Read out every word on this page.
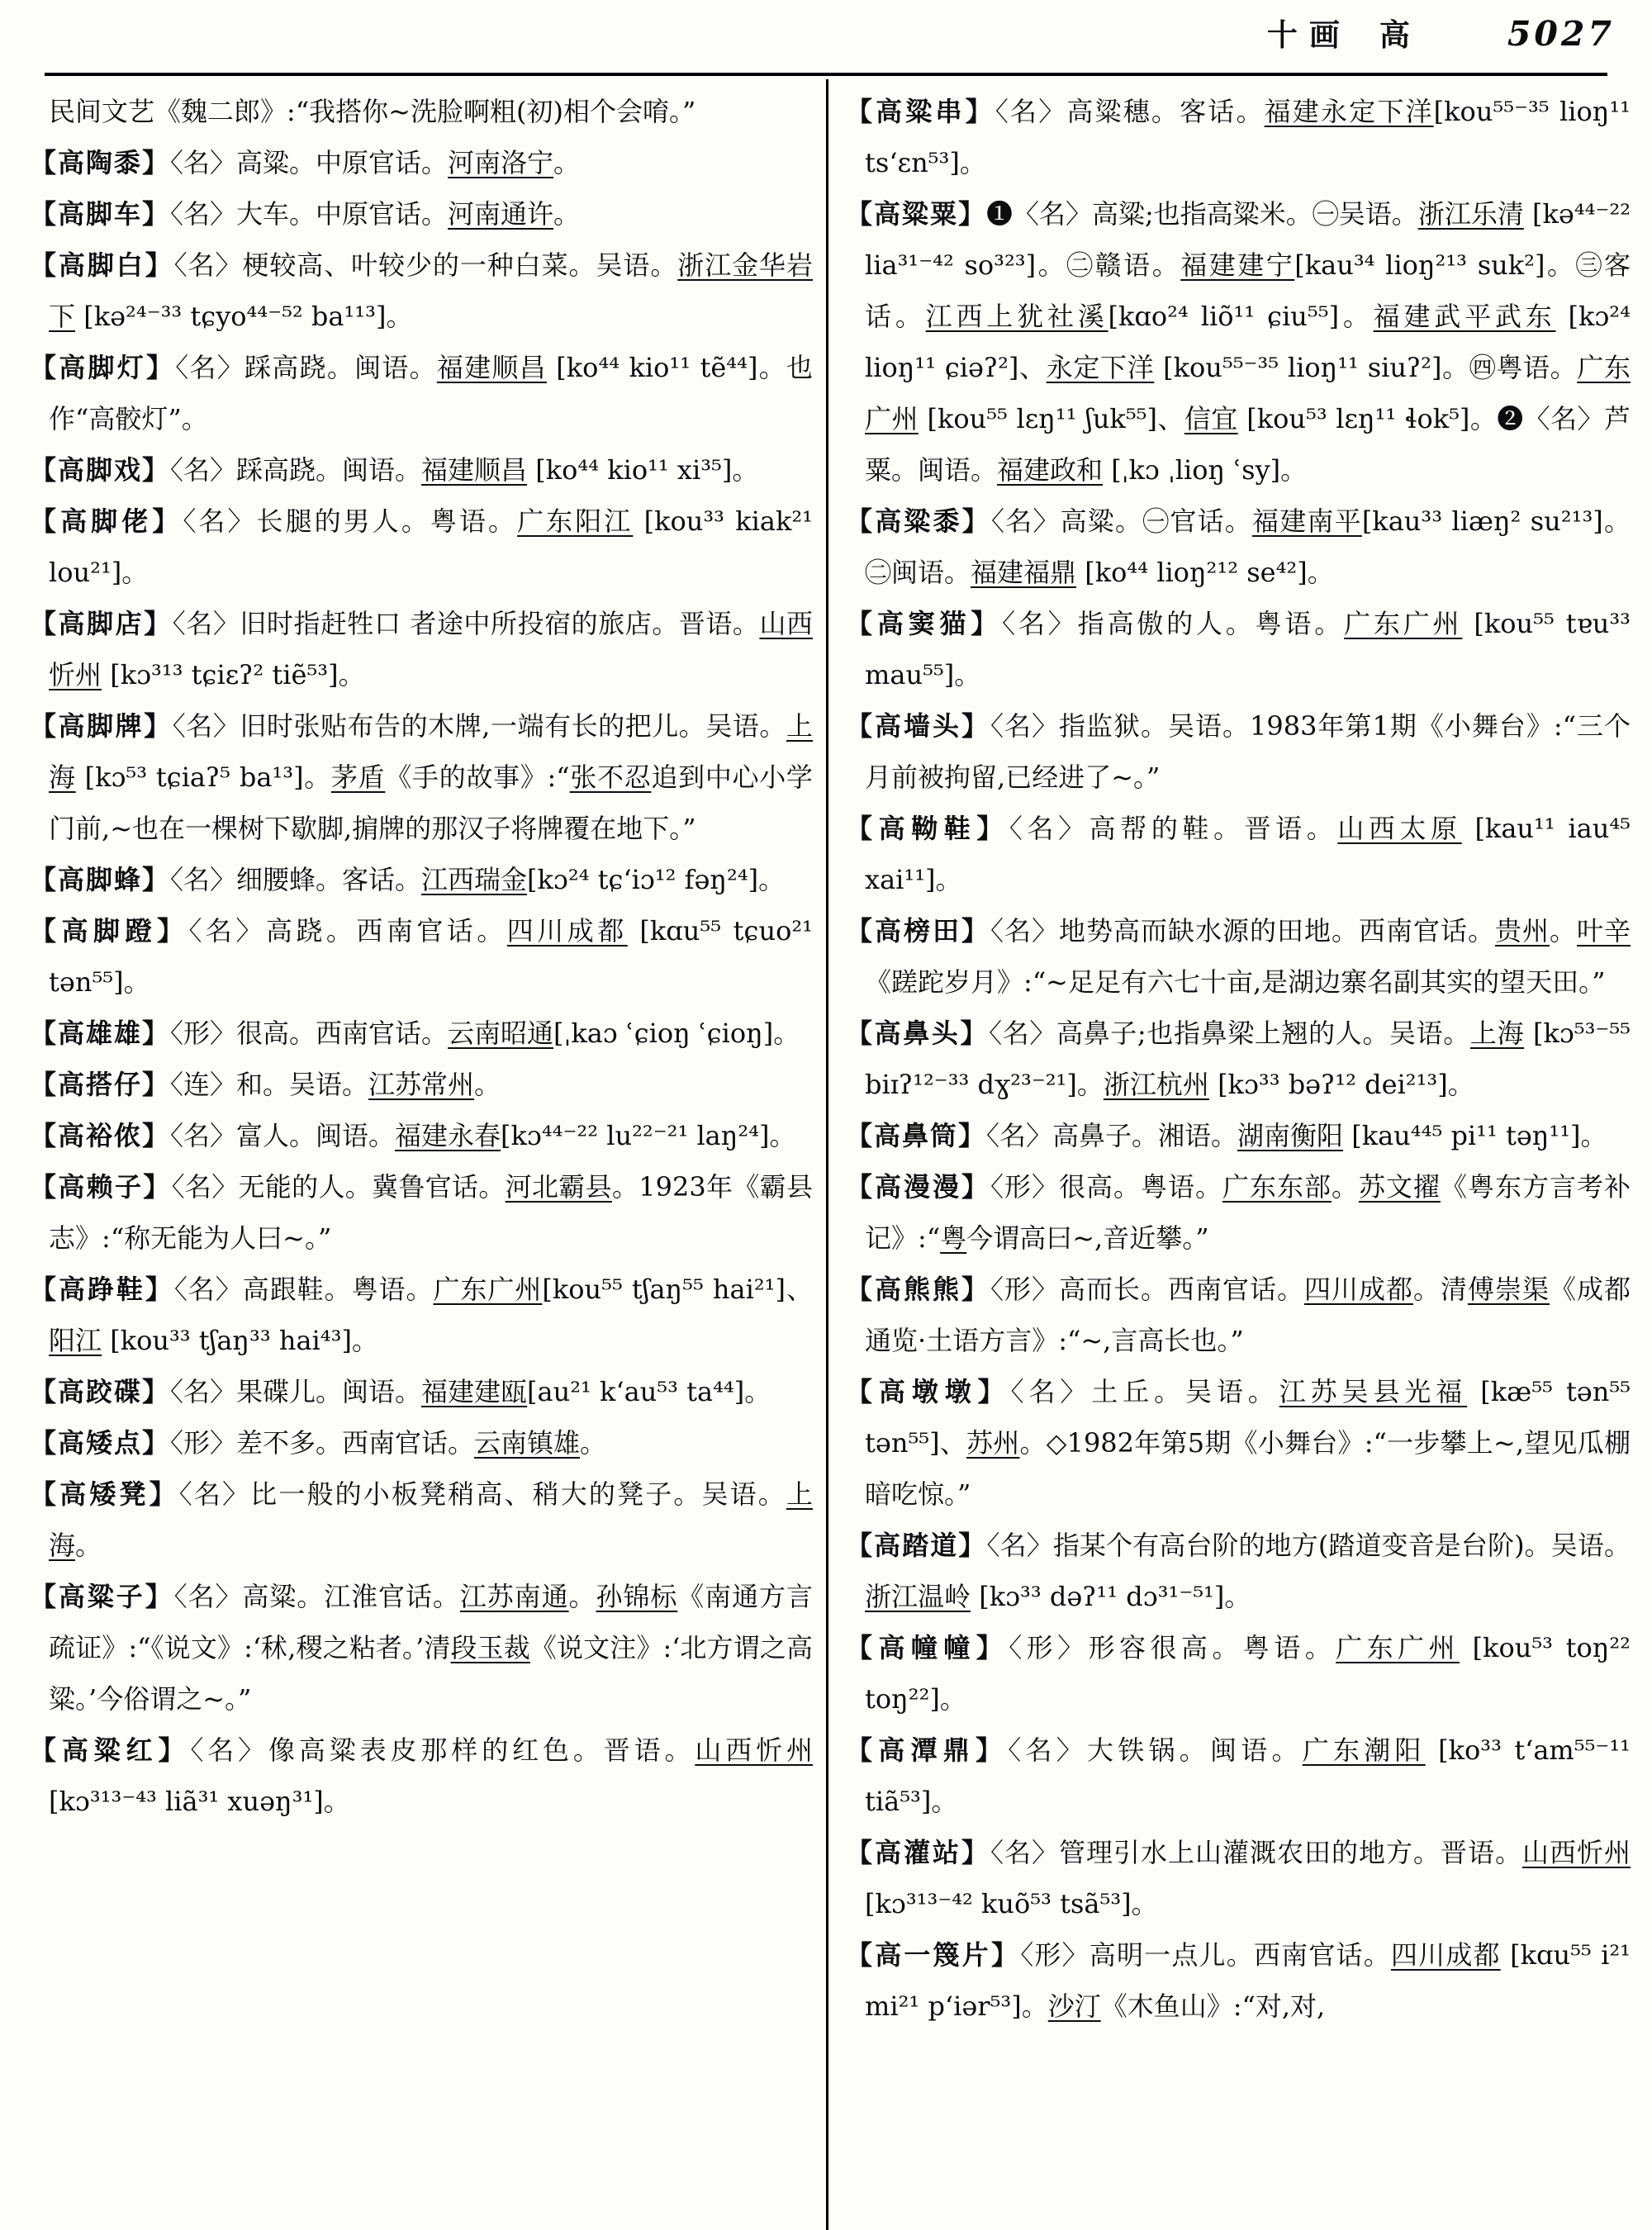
十画 高	5027

民间文艺《魏二郎》:“我搭你~洗脸啊粗(初)相个会唷。”

【高陶黍】〈名〉高粱。中原官话。河南洛宁。

【高脚车】〈名〉大车。中原官话。河南通许。

【高脚白】〈名〉梗较高、叶较少的一种白菜。吴语。浙江金华岩下 [kə²⁴⁻³³ tɕyo⁴⁴⁻⁵² ba¹¹³]。

【高脚灯】〈名〉踩高跷。闽语。福建顺昌 [ko⁴⁴ kio¹¹ tẽ⁴⁴]。也作“高骹灯”。

【高脚戏】〈名〉踩高跷。闽语。福建顺昌 [ko⁴⁴ kio¹¹ xi³⁵]。

【高脚佬】〈名〉长腿的男人。粤语。广东阳江 [kou³³ kiak²¹ lou²¹]。

【高脚店】〈名〉旧时指赶牲口 者途中所投宿的旅店。晋语。山西忻州 [kɔ³¹³ tɕiɛʔ² tiẽ⁵³]。

【高脚牌】〈名〉旧时张贴布告的木牌,一端有长的把儿。吴语。上海 [kɔ⁵³ tɕiaʔ⁵ ba¹³]。茅盾《手的故事》:“张不忍追到中心小学门前,~也在一棵树下歇脚,掮牌的那汉子将牌覆在地下。”

【高脚蜂】〈名〉细腰蜂。客话。江西瑞金[kɔ²⁴ tɕ‘iɔ¹² fəŋ²⁴]。

【高脚蹬】〈名〉高跷。西南官话。四川成都 [kɑu⁵⁵ tɕuo²¹ tən⁵⁵]。

【高雄雄】〈形〉很高。西南官话。云南昭通[ˌkaɔ ʿɕioŋ ʿɕioŋ]。

【高搭仔】〈连〉和。吴语。江苏常州。

【高裕侬】〈名〉富人。闽语。福建永春[kɔ⁴⁴⁻²² lu²²⁻²¹ laŋ²⁴]。

【高赖子】〈名〉无能的人。冀鲁官话。河北霸县。1923年《霸县志》:“称无能为人曰~。”

【高踭鞋】〈名〉高跟鞋。粤语。广东广州[kou⁵⁵ tʃaŋ⁵⁵ hai²¹]、阳江 [kou³³ tʃaŋ³³ hai⁴³]。

【高跤碟】〈名〉果碟儿。闽语。福建建瓯[au²¹ k‘au⁵³ ta⁴⁴]。

【高矮点】〈形〉差不多。西南官话。云南镇雄。

【高矮凳】〈名〉比一般的小板凳稍高、稍大的凳子。吴语。上海。

【高粱子】〈名〉高粱。江淮官话。江苏南通。孙锦标《南通方言疏证》:“《说文》:‘秫,稷之粘者。’清段玉裁《说文注》:‘北方谓之高粱。’今俗谓之~。”

【高粱红】〈名〉像高粱表皮那样的红色。晋语。山西忻州 [kɔ³¹³⁻⁴³ liã³¹ xuəŋ³¹]。

【高粱串】〈名〉高粱穗。客话。福建永定下洋[kou⁵⁵⁻³⁵ lioŋ¹¹ ts‘ɛn⁵³]。

【高粱粟】❶〈名〉高粱;也指高粱米。㊀吴语。浙江乐清 [kə⁴⁴⁻²² lia³¹⁻⁴² so³²³]。㊁赣语。福建建宁[kau³⁴ lioŋ²¹³ suk²]。㊂客话。江西上犹社溪[kɑo²⁴ liõ¹¹ ɕiu⁵⁵]。福建武平武东 [kɔ²⁴ lioŋ¹¹ ɕiəʔ²]、永定下洋 [kou⁵⁵⁻³⁵ lioŋ¹¹ siuʔ²]。㊃粤语。广东广州 [kou⁵⁵ lɛŋ¹¹ ʃuk⁵⁵]、信宜 [kou⁵³ lɛŋ¹¹ ɬok⁵]。❷〈名〉芦粟。闽语。福建政和 [ˌkɔ ˌlioŋ ʿsy]。

【高粱黍】〈名〉高粱。㊀官话。福建南平[kau³³ liæŋ² su²¹³]。㊁闽语。福建福鼎 [ko⁴⁴ lioŋ²¹² se⁴²]。

【高窦猫】〈名〉指高傲的人。粤语。广东广州 [kou⁵⁵ tɐu³³ mau⁵⁵]。

【高墙头】〈名〉指监狱。吴语。1983年第1期《小舞台》:“三个月前被拘留,已经进了~。”

【高靿鞋】〈名〉高帮的鞋。晋语。山西太原 [kau¹¹ iau⁴⁵ xai¹¹]。

【高榜田】〈名〉地势高而缺水源的田地。西南官话。贵州。叶辛《蹉跎岁月》:“~足足有六七十亩,是湖边寨名副其实的望天田。”

【高鼻头】〈名〉高鼻子;也指鼻梁上翘的人。吴语。上海 [kɔ⁵³⁻⁵⁵ biɪʔ¹²⁻³³ dɣ²³⁻²¹]。浙江杭州 [kɔ³³ bəʔ¹² dei²¹³]。

【高鼻筒】〈名〉高鼻子。湘语。湖南衡阳 [kau⁴⁴⁵ pi¹¹ təŋ¹¹]。

【高漫漫】〈形〉很高。粤语。广东东部。苏文擢《粤东方言考补记》:“粤今谓高曰~,音近攀。”

【高熊熊】〈形〉高而长。西南官话。四川成都。清傅崇渠《成都通览·土语方言》:“~,言高长也。”

【高墩墩】〈名〉土丘。吴语。江苏吴县光福 [kæ⁵⁵ tən⁵⁵ tən⁵⁵]、苏州。◇1982年第5期《小舞台》:“一步攀上~,望见瓜棚暗吃惊。”

【高踏道】〈名〉指某个有高台阶的地方(踏道变音是台阶)。吴语。浙江温岭 [kɔ³³ dəʔ¹¹ dɔ³¹⁻⁵¹]。

【高幢幢】〈形〉形容很高。粤语。广东广州 [kou⁵³ toŋ²² toŋ²²]。

【高潭鼎】〈名〉大铁锅。闽语。广东潮阳 [ko³³ t‘am⁵⁵⁻¹¹ tiã⁵³]。

【高灌站】〈名〉管理引水上山灌溉农田的地方。晋语。山西忻州 [kɔ³¹³⁻⁴² kuõ⁵³ tsã⁵³]。

【高一篾片】〈形〉高明一点儿。西南官话。四川成都 [kɑu⁵⁵ i²¹ mi²¹ p‘iər⁵³]。沙汀《木鱼山》:“对,对,
